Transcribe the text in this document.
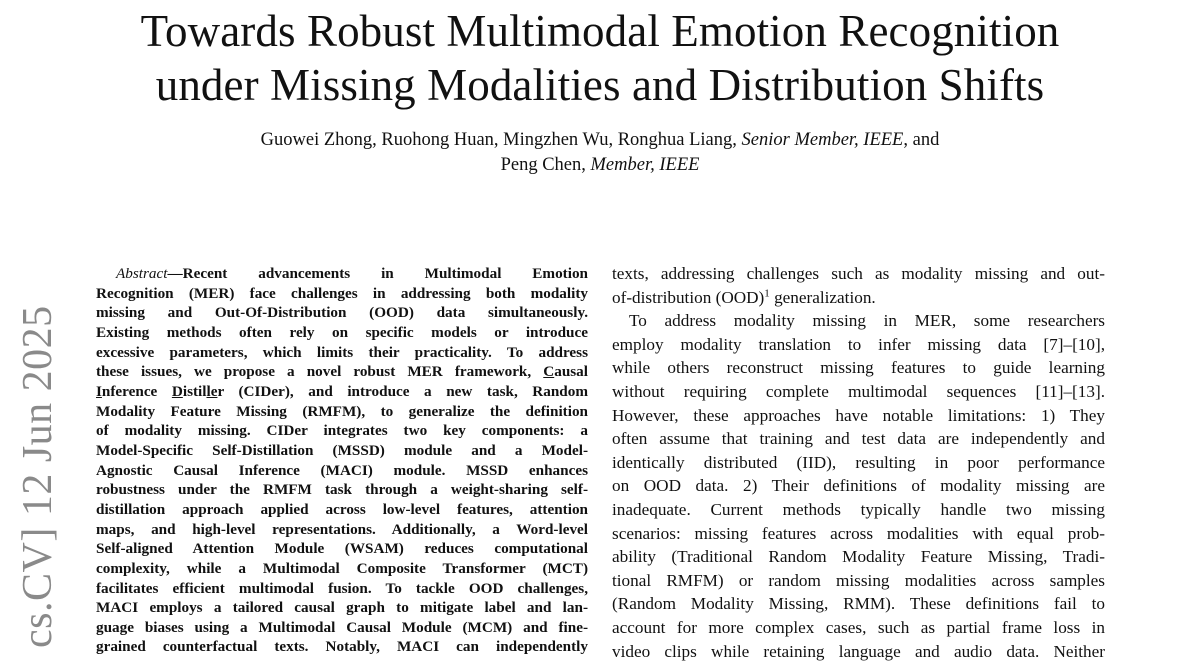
Towards Robust Multimodal Emotion Recognition
under Missing Modalities and Distribution Shifts
Guowei Zhong, Ruohong Huan, Mingzhen Wu, Ronghua Liang, Senior Member, IEEE, and
Peng Chen, Member, IEEE
cs.CV] 12 Jun 2025
Abstract—Recent advancements in Multimodal Emotion
Recognition (MER) face challenges in addressing both modality
missing and Out-Of-Distribution (OOD) data simultaneously.
Existing methods often rely on specific models or introduce
excessive parameters, which limits their practicality. To address
these issues, we propose a novel robust MER framework, Causal
Inference Distiller (CIDer), and introduce a new task, Random
Modality Feature Missing (RMFM), to generalize the definition
of modality missing. CIDer integrates two key components: a
Model-Specific Self-Distillation (MSSD) module and a Model-
Agnostic Causal Inference (MACI) module. MSSD enhances
robustness under the RMFM task through a weight-sharing self-
distillation approach applied across low-level features, attention
maps, and high-level representations. Additionally, a Word-level
Self-aligned Attention Module (WSAM) reduces computational
complexity, while a Multimodal Composite Transformer (MCT)
facilitates efficient multimodal fusion. To tackle OOD challenges,
MACI employs a tailored causal graph to mitigate label and lan-
guage biases using a Multimodal Causal Module (MCM) and fine-
grained counterfactual texts. Notably, MACI can independently
texts, addressing challenges such as modality missing and out-
of-distribution (OOD)$^1$ generalization.
To address modality missing in MER, some researchers
employ modality translation to infer missing data [7]–[10],
while others reconstruct missing features to guide learning
without requiring complete multimodal sequences [11]–[13].
However, these approaches have notable limitations: 1) They
often assume that training and test data are independently and
identically distributed (IID), resulting in poor performance
on OOD data. 2) Their definitions of modality missing are
inadequate. Current methods typically handle two missing
scenarios: missing features across modalities with equal prob-
ability (Traditional Random Modality Feature Missing, Tradi-
tional RMFM) or random missing modalities across samples
(Random Modality Missing, RMM). These definitions fail to
account for more complex cases, such as partial frame loss in
video clips while retaining language and audio data. Neither
